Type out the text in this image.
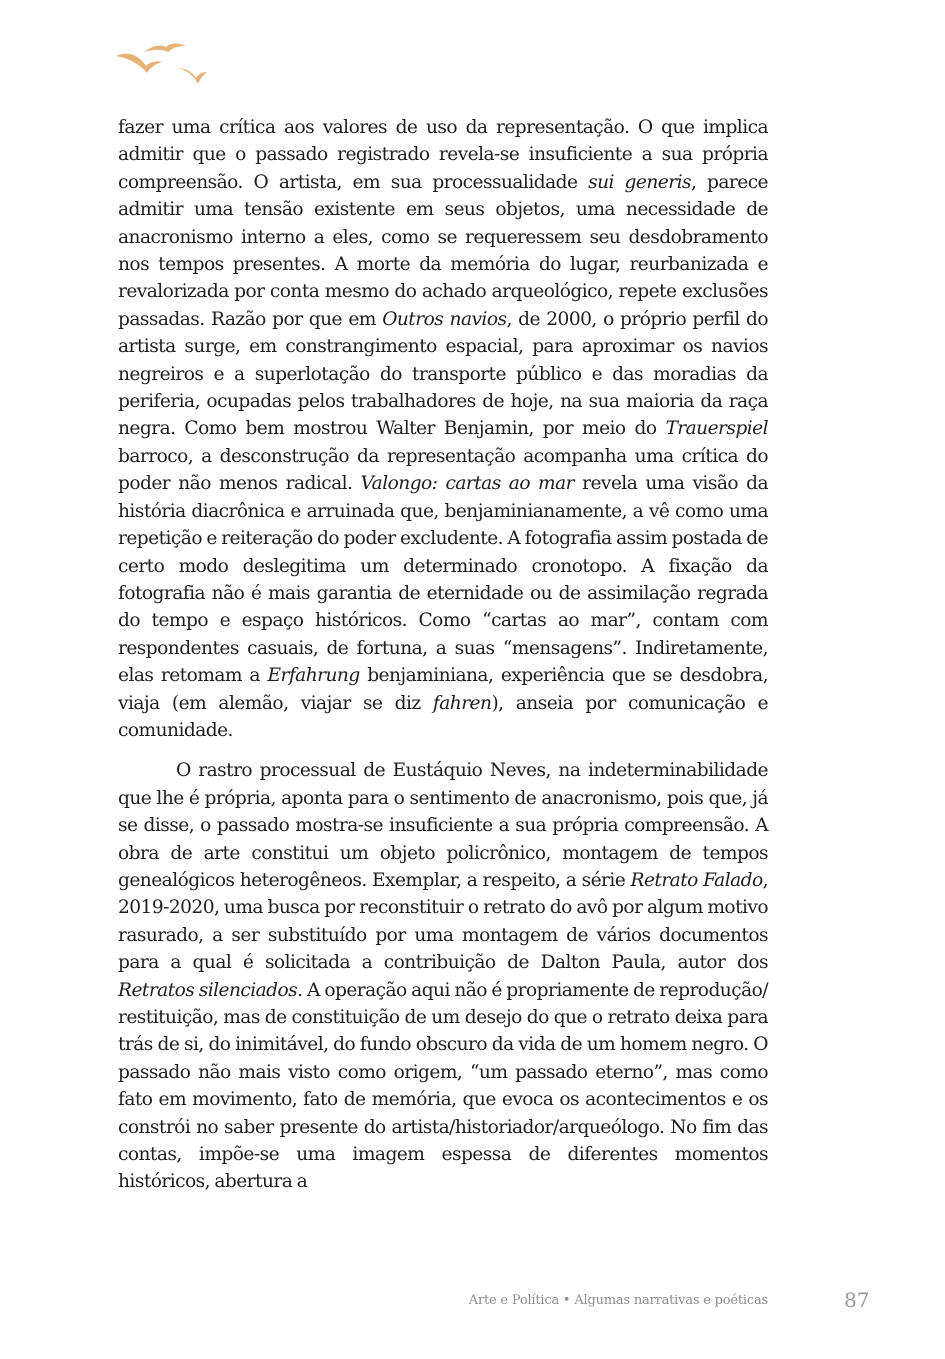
fazer uma crítica aos valores de uso da representação. O que implica admitir que o passado registrado revela-se insuficiente a sua própria compreensão. O artista, em sua processualidade sui generis, parece admitir uma tensão existente em seus objetos, uma necessidade de anacronismo interno a eles, como se requeressem seu desdobramento nos tempos presentes. A morte da memória do lugar, reurbanizada e revalorizada por conta mesmo do achado arqueológico, repete exclusões passadas. Razão por que em Outros navios, de 2000, o próprio perfil do artista surge, em constrangimento espacial, para aproximar os navios negreiros e a superlotação do transporte público e das moradias da periferia, ocupadas pelos trabalhadores de hoje, na sua maioria da raça negra. Como bem mostrou Walter Benjamin, por meio do Trauerspiel barroco, a desconstrução da representação acompanha uma crítica do poder não menos radical. Valongo: cartas ao mar revela uma visão da história diacrônica e arruinada que, benjaminianamente, a vê como uma repetição e reiteração do poder excludente. A fotografia assim postada de certo modo deslegitima um determinado cronotopo. A fixação da fotografia não é mais garantia de eternidade ou de assimilação regrada do tempo e espaço históricos. Como “cartas ao mar”, contam com respondentes casuais, de fortuna, a suas “mensagens”. Indiretamente, elas retomam a Erfahrung benjaminiana, experiência que se desdobra, viaja (em alemão, viajar se diz fahren), anseia por comunicação e comunidade.

O rastro processual de Eustáquio Neves, na indeterminabilidade que lhe é própria, aponta para o sentimento de anacronismo, pois que, já se disse, o passado mostra-se insuficiente a sua própria compreensão. A obra de arte constitui um objeto policrônico, montagem de tempos genealógicos heterogêneos. Exemplar, a respeito, a série Retrato Falado, 2019-2020, uma busca por reconstituir o retrato do avô por algum motivo rasurado, a ser substituído por uma montagem de vários documentos para a qual é solicitada a contribuição de Dalton Paula, autor dos Retratos silenciados. A operação aqui não é propriamente de reprodução/ restituição, mas de constituição de um desejo do que o retrato deixa para trás de si, do inimitável, do fundo obscuro da vida de um homem negro. O passado não mais visto como origem, “um passado eterno”, mas como fato em movimento, fato de memória, que evoca os acontecimentos e os constrói no saber presente do artista/historiador/arqueólogo. No fim das contas, impõe-se uma imagem espessa de diferentes momentos históricos, abertura a

Arte e Política • Algumas narrativas e poéticas	87
